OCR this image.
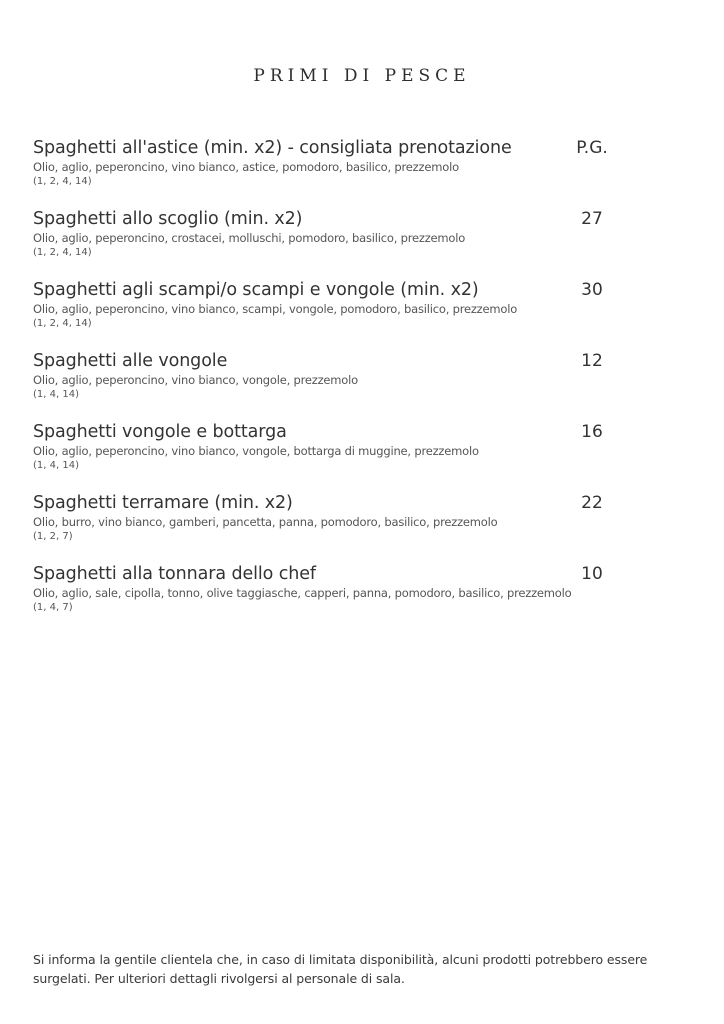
PRIMI DI PESCE
Spaghetti all'astice (min. x2) - consigliata prenotazione	P.G.
Olio, aglio, peperoncino, vino bianco, astice, pomodoro, basilico, prezzemolo
(1, 2, 4, 14)
Spaghetti allo scoglio (min. x2)	27
Olio, aglio, peperoncino, crostacei, molluschi, pomodoro, basilico, prezzemolo
(1, 2, 4, 14)
Spaghetti agli scampi/o scampi e vongole (min. x2)	30
Olio, aglio, peperoncino, vino bianco, scampi, vongole, pomodoro, basilico, prezzemolo
(1, 2, 4, 14)
Spaghetti alle vongole	12
Olio, aglio, peperoncino, vino bianco, vongole, prezzemolo
(1, 4, 14)
Spaghetti vongole e bottarga	16
Olio, aglio, peperoncino, vino bianco, vongole, bottarga di muggine, prezzemolo
(1, 4, 14)
Spaghetti terramare (min. x2)	22
Olio, burro, vino bianco, gamberi, pancetta, panna, pomodoro, basilico, prezzemolo
(1, 2, 7)
Spaghetti alla tonnara dello chef	10
Olio, aglio, sale, cipolla, tonno, olive taggiasche, capperi, panna, pomodoro, basilico, prezzemolo
(1, 4, 7)
Si informa la gentile clientela che, in caso di limitata disponibilità, alcuni prodotti potrebbero essere surgelati. Per ulteriori dettagli rivolgersi al personale di sala.
